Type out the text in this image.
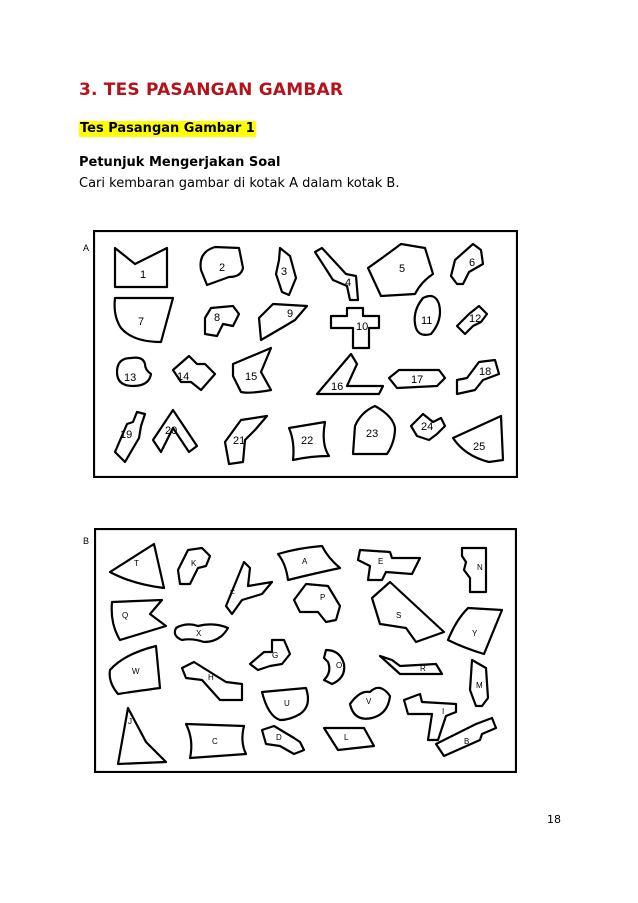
3. TES PASANGAN GAMBAR
Tes Pasangan Gambar 1
Petunjuk Mengerjakan Soal
Cari kembaran gambar di kotak A dalam kotak B.
A
1
2	3
4
5	6
7	8	9
10	11	12
13	14	15
16
17
18
19	20
21	22
23
24
25
B
T	K	A	E
N
F	P
Q	S
X	Y
G
O
W
H
R
M
V
U
I
J
C	D	L	B
18
